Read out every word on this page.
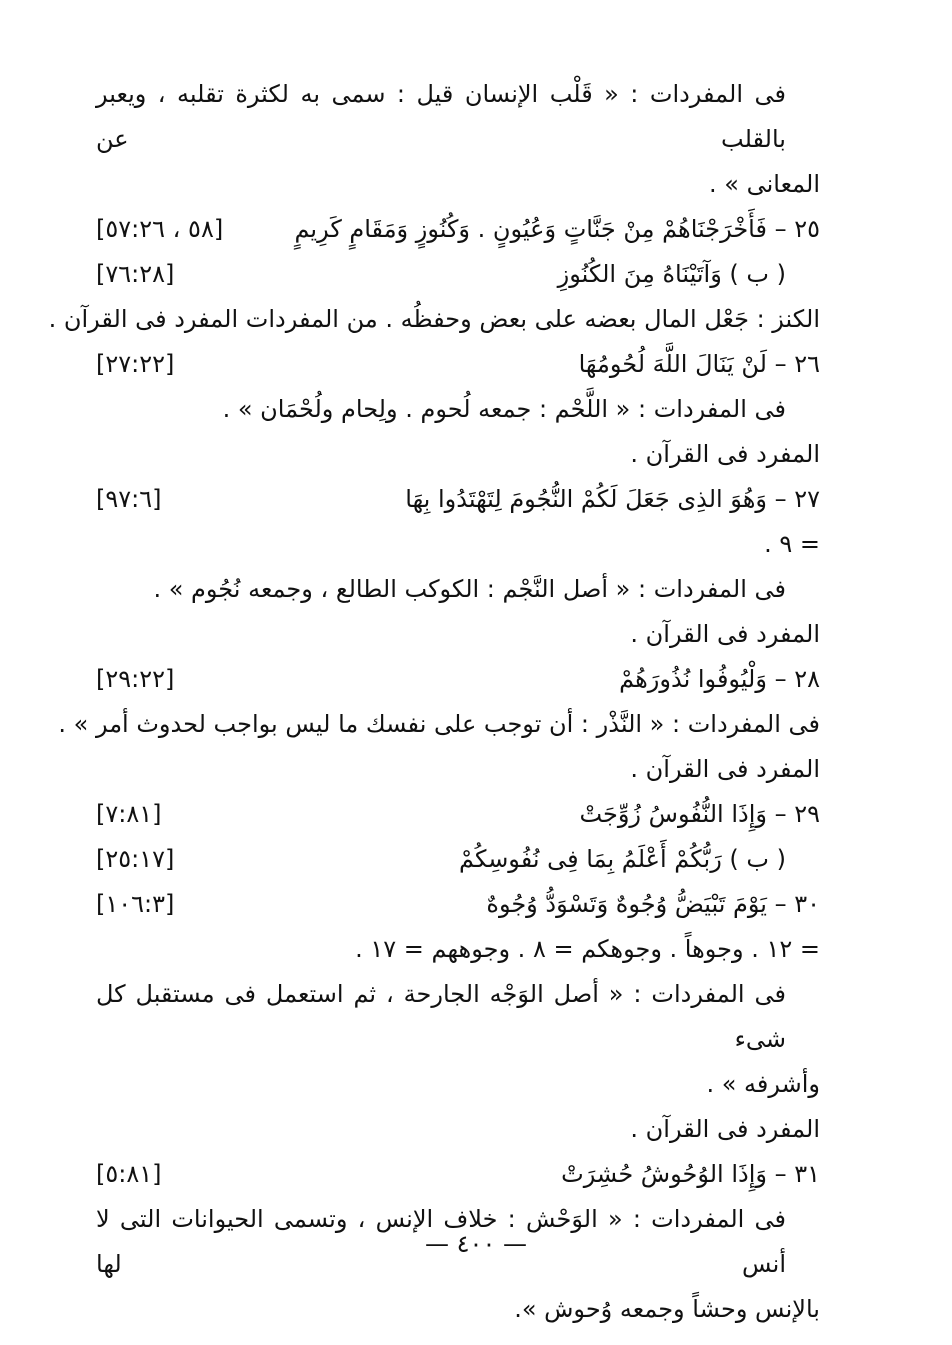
فى المفردات : « قَلْب الإنسان قيل : سمى به لكثرة تقلبه ، ويعبر بالقلب عن
المعانى » .
٢٥ – فَأَخْرَجْنَاهُمْ مِنْ جَنَّاتٍ وَعُيُونٍ . وَكُنُوزٍ وَمَقَامٍ كَرِيمٍ
[٥٨ ، ٥٧:٢٦]
( ب ) وَآتَيْنَاهُ مِنَ الكُنُوزِ
[٧٦:٢٨]
الكنز : جَعْل المال بعضه على بعض وحفظُه . من المفردات المفرد فى القرآن .
٢٦ – لَنْ يَنَالَ اللَّهَ لُحُومُهَا
[٢٧:٢٢]
فى المفردات : « اللَّحْم : جمعه لُحوم . ولِحام ولُحْمَان » .
المفرد فى القرآن .
٢٧ – وَهُوَ الذِى جَعَلَ لَكُمْ النُّجُومَ لِتَهْتَدُوا بِهَا
[٩٧:٦]
= ٩ .
فى المفردات : « أصل النَّجْم : الكوكب الطالع ، وجمعه نُجُوم » .
المفرد فى القرآن .
٢٨ – وَلْيُوفُوا نُذُورَهُمْ
[٢٩:٢٢]
فى المفردات : « النَّذْر : أن توجب على نفسك ما ليس بواجب لحدوث أمر » .
المفرد فى القرآن .
٢٩ – وَإِذَا النُّفُوسُ زُوِّجَتْ
[٧:٨١]
( ب ) رَبُّكُمْ أَعْلَمُ بِمَا فِى نُفُوسِكُمْ
[٢٥:١٧]
٣٠ – يَوْمَ تَبْيَضُّ وُجُوهٌ وَتَسْوَدُّ وُجُوهٌ
[١٠٦:٣]
= ١٢ . وجوهاً . وجوهكم = ٨ . وجوههم = ١٧ .
فى المفردات : « أصل الوَجْه الجارحة ، ثم استعمل فى مستقبل كل شىء
وأشرفه » .
المفرد فى القرآن .
٣١ – وَإِذَا الوُحُوشُ حُشِرَتْ
[٥:٨١]
فى المفردات : « الوَحْش : خلاف الإنس ، وتسمى الحيوانات التى لا أنس لها
بالإنس وحشاً وجمعه وُحوش ».
— ٤٠٠ —
